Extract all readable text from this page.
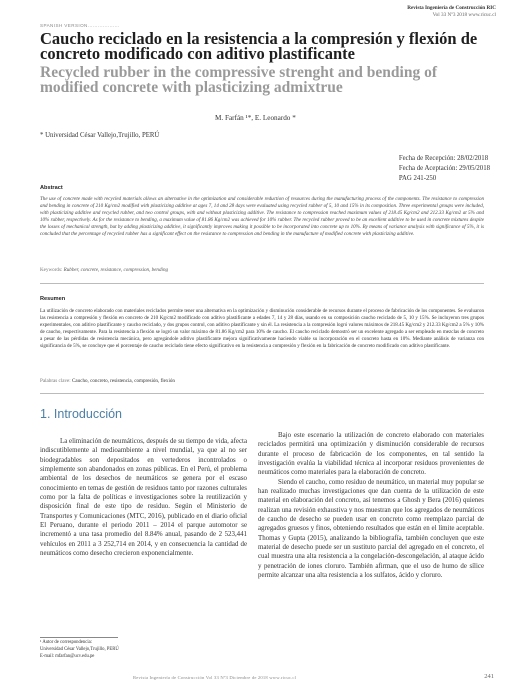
Revista Ingeniería de Construcción RIC
Vol 33 Nº3 2018 www.ricuc.cl
SPANISH VERSION...................
Caucho reciclado en la resistencia a la compresión y flexión de concreto modificado con aditivo plastificante
Recycled rubber in the compressive strenght and bending of modified concrete with plasticizing admixtrue
M. Farfán ¹*, E. Leonardo *
* Universidad César Vallejo,Trujillo, PERÚ
Fecha de Recepción: 28/02/2018
Fecha de Aceptación: 29/05/2018
PAG 241-250
Abstract

The use of concrete made with recycled materials allows an alternative in the optimization and considerable reduction of resources during the manufacturing process of the components. The resistance to compression and bending in concrete of 210 Kg/cm2 modified with plasticizing additive at ages 7, 14 and 28 days were evaluated using recycled rubber of 5, 10 and 15% in its composition. Three experimental groups were included, with plasticizing additive and recycled rubber, and two control groups, with and without plasticizing additive. The resistance to compression reached maximum values of 218.45 Kg/cm2 and 212.33 Kg/cm2 at 5% and 10% rubber, respectively. As for the resistance to bending, a maximum value of 81.86 Kg/cm2 was achieved for 10% rubber. The recycled rubber proved to be an excellent additive to be used in concrete mixtures despite the losses of mechanical strength, but by adding plasticizing additive, it significantly improves making it possible to be incorporated into concrete up to 10%. By means of variance analysis with significance of 5%, it is concluded that the percentage of recycled rubber has a significant effect on the resistance to compression and bending in the manufacture of modified concrete with plasticizing additive.

Keywords: Rubber, concrete, resistance, compression, bending
Resumen

La utilización de concreto elaborado con materiales reciclados permite tener una alternativa en la optimización y disminución considerable de recursos durante el proceso de fabricación de los componentes. Se evaluaron las resistencia a compresión y flexión en concreto de 210 Kg/cm2 modificado con aditivo plastificante a edades 7, 14 y 28 días, usando en su composición caucho reciclado de 5, 10 y 15%. Se incluyeron tres grupos experimentales, con aditivo plastificante y caucho reciclado, y dos grupos control, con aditivo plastificante y sin él. La resistencia a la compresión logró valores máximos de 218.45 Kg/cm2 y 212.33 Kg/cm2 a 5% y 10% de caucho, respectivamente. Para la resistencia a flexión se logró un valor máximo de 81.86 Kg/cm2 para 10% de caucho. El caucho reciclado demostró ser un excelente agregado a ser empleado en mezclas de concreto a pesar de las pérdidas de resistencia mecánica, pero agregándole aditivo plastificante mejora significativamente haciendo viable su incorporación en el concreto hasta en 10%. Mediante análisis de varianza con significancia de 5%, se concluye que el porcentaje de caucho reciclado tiene efecto significativo en la resistencia a compresión y flexión en la fabricación de concreto modificado con aditivo plastificante.

Palabras clave: Caucho, concreto, resistencia, compresión, flexión
1. Introducción

La eliminación de neumáticos, después de su tiempo de vida, afecta indiscutiblemente al medioambiente a nivel mundial, ya que al no ser biodegradables son depositados en vertederos incontrolados o simplemente son abandonados en zonas públicas. En el Perú, el problema ambiental de los desechos de neumáticos se genera por el escaso conocimiento en temas de gestión de residuos tanto por razones culturales como por la falta de políticas e investigaciones sobre la reutilización y disposición final de este tipo de residuo. Según el Ministerio de Transportes y Comunicaciones (MTC, 2016), publicado en el diario oficial El Peruano, durante el periodo 2011 – 2014 el parque automotor se incrementó a una tasa promedio del 8.84% anual, pasando de 2 523,441 vehículos en 2011 a 3 252,714 en 2014, y en consecuencia la cantidad de neumáticos como desecho crecieron exponencialmente.

Bajo este escenario la utilización de concreto elaborado con materiales reciclados permitirá una optimización y disminución considerable de recursos durante el proceso de fabricación de los componentes, en tal sentido la investigación evalúa la viabilidad técnica al incorporar residuos provenientes de neumáticos como materiales para la elaboración de concreto.

Siendo el caucho, como residuo de neumático, un material muy popular se han realizado muchas investigaciones que dan cuenta de la utilización de este material en elaboración del concreto, así tenemos a Ghosh y Bera (2016) quienes realizan una revisión exhaustiva y nos muestran que los agregados de neumáticos de caucho de desecho se pueden usar en concreto como reemplazo parcial de agregados gruesos y finos, obteniendo resultados que están en el límite aceptable. Thomas y Gupta (2015), analizando la bibliografía, también concluyen que este material de desecho puede ser un sustituto parcial del agregado en el concreto, el cual muestra una alta resistencia a la congelación-descongelación, al ataque ácido y penetración de iones cloruro. También afirman, que el uso de humo de sílice permite alcanzar una alta resistencia a los sulfatos, ácido y cloruro.

¹ Autor de correspondencia:
Universidad César Vallejo,Trujillo, PERÚ
E-mail: mfarfan@ucv.edu.pe
Revista Ingeniería de Construcción Vol 33 Nº3 Diciembre de 2018 www.ricuc.cl	241
